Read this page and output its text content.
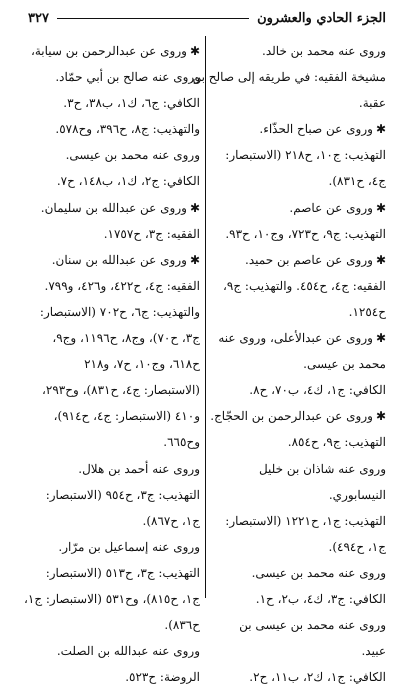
الجزء الحادي والعشرون
٣٢٧
وروى عنه محمد بن خالد.
مشيخة الفقيه: في طريقه إلى صالح بن
عقبة.
✱وروى عن صباح الحذّاء.
التهذيب: ج١٠، ح٢١٨ (الاستبصار:
ج٤، ح٨٣١).
✱وروى عن عاصم.
التهذيب: ج٩، ح٧٢٣، وج١٠، ح٩٣.
✱وروى عن عاصم بن حميد.
الفقيه: ج٤، ح٤٥٤. والتهذيب: ج٩،
ح١٢٥٤.
✱وروى عن عبدالأعلى، وروى عنه
محمد بن عيسى.
الكافي: ج١، ك٤، ب٧٠، ح٨.
✱وروى عن عبدالرحمن بن الحجّاج.
التهذيب: ج٩، ح٨٥٤.
وروى عنه شاذان بن خليل
النيسابوري.
التهذيب: ج١، ح١٢٢١ (الاستبصار:
ج١، ح٤٩٤).
وروى عنه محمد بن عيسى.
الكافي: ج٣، ك٤، ب٢، ح١.
وروى عنه محمد بن عيسى بن
عبيد.
الكافي: ج١، ك٢، ب١١، ح٢.
✱وروى عن عبدالرحمن بن سيابة،
وروى عنه صالح بن أبي حمّاد.
الكافي: ج٦، ك١، ب٣٨، ح٣.
والتهذيب: ج٨، ح٣٩٦، وح٥٧٨.
وروى عنه محمد بن عيسى.
الكافي: ج٢، ك١، ب١٤٨، ح٧.
✱وروى عن عبدالله بن سليمان.
الفقيه: ج٣، ح١٧٥٧.
✱وروى عن عبدالله بن سنان.
الفقيه: ج٤، ح٤٢٢، و٤٢٦، و٧٩٩.
والتهذيب: ج٦، ح٧٠٢ (الاستبصار:
ج٣، ح٧٠)، وج٨، ح١١٩٦، وج٩،
ح٦١٨، وج١٠، ح٧، و٢١٨
(الاستبصار: ج٤، ح٨٣١)، وح٢٩٣،
و٤١٠ (الاستبصار: ج٤، ح٩١٤)،
وح٦٦٥.
وروى عنه أحمد بن هلال.
التهذيب: ج٣، ح٩٥٤ (الاستبصار:
ج١، ح٨٦٧).
وروى عنه إسماعيل بن مرّار.
التهذيب: ج٣، ح٥١٣ (الاستبصار:
ج١، ح٨١٥)، وح٥٣١ (الاستبصار: ج١،
ح٨٣٦).
وروى عنه عبدالله بن الصلت.
الروضة: ح٥٢٣.
